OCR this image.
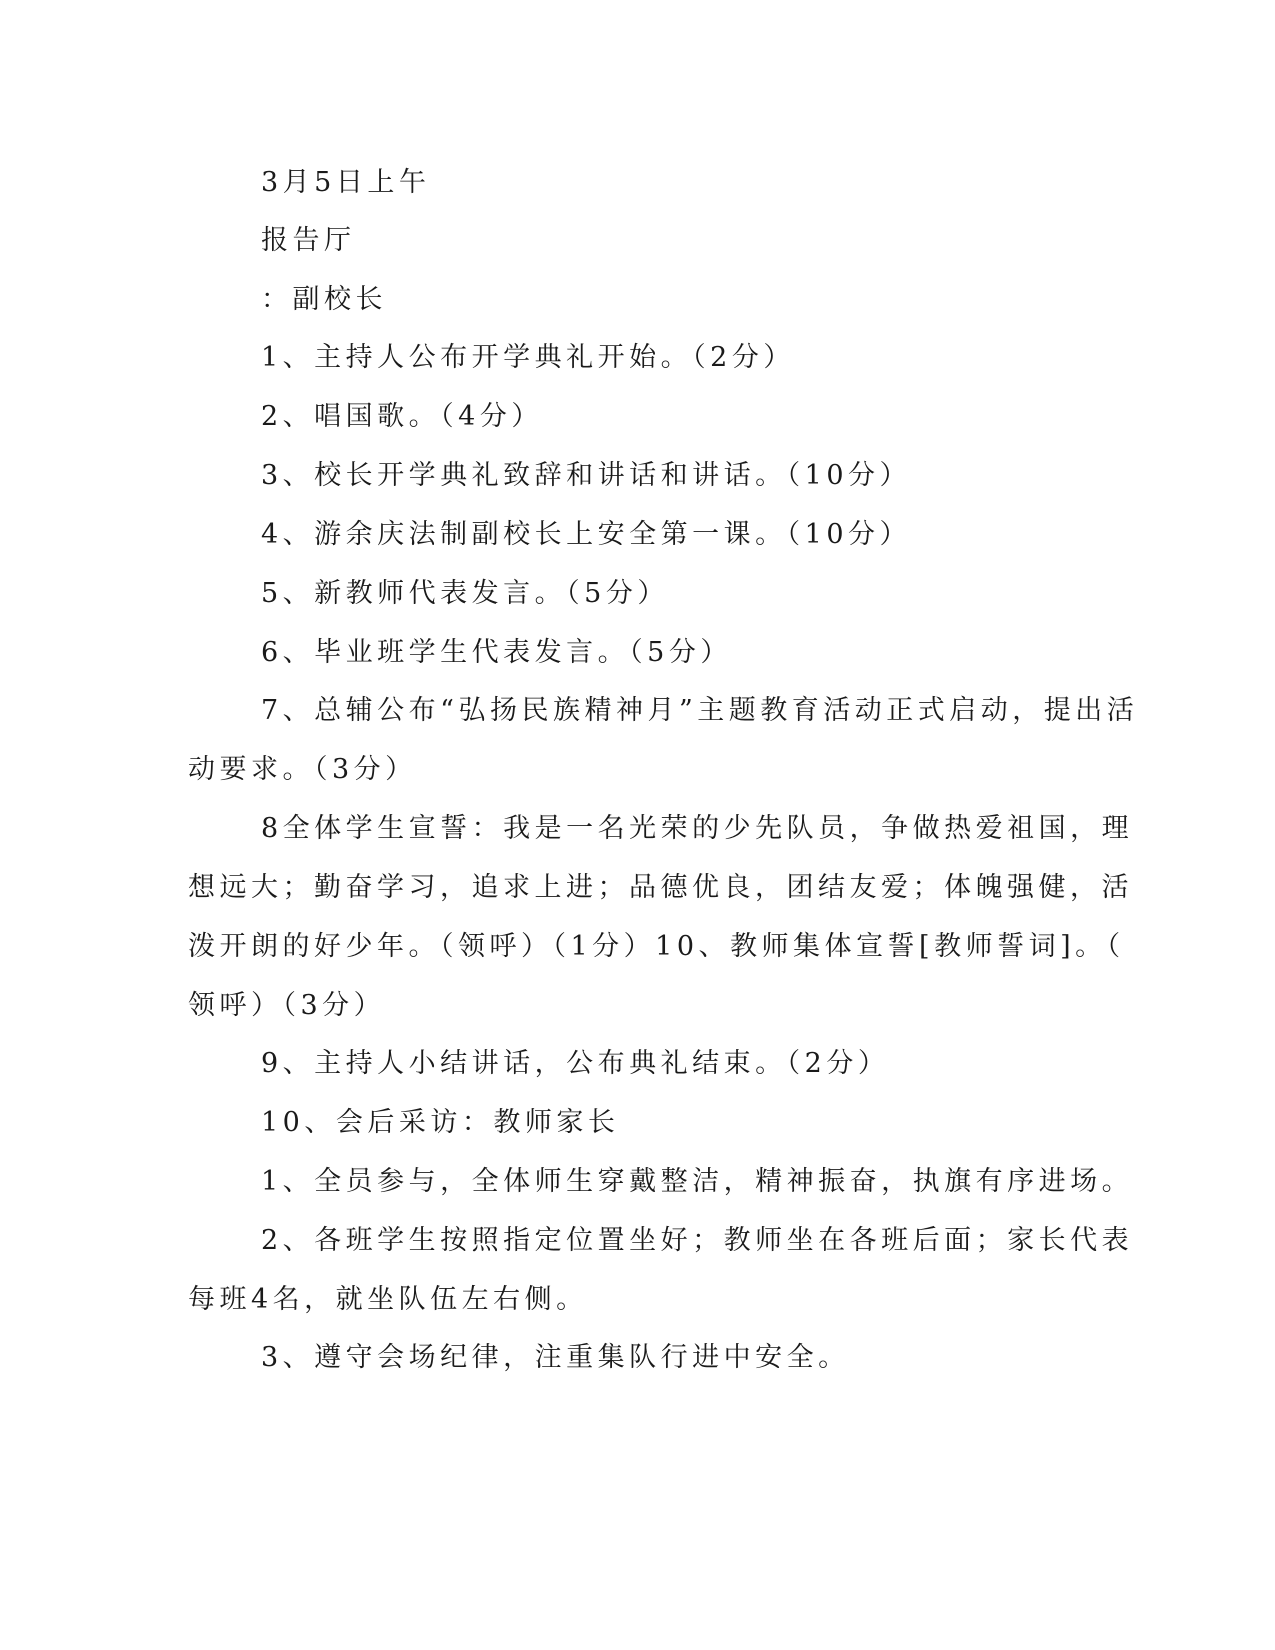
3月5日上午
报告厅
：副校长
1、主持人公布开学典礼开始。（2分）
2、唱国歌。（4分）
3、校长开学典礼致辞和讲话和讲话。（10分）
4、游余庆法制副校长上安全第一课。（10分）
5、新教师代表发言。（5分）
6、毕业班学生代表发言。（5分）
7、总辅公布“弘扬民族精神月”主题教育活动正式启动，提出活
动要求。（3分）
8全体学生宣誓：我是一名光荣的少先队员，争做热爱祖国，理
想远大；勤奋学习，追求上进；品德优良，团结友爱；体魄强健，活
泼开朗的好少年。（领呼）（1分）10、教师集体宣誓[教师誓词]。（
领呼）（3分）
9、主持人小结讲话，公布典礼结束。（2分）
10、会后采访：教师家长
1、全员参与，全体师生穿戴整洁，精神振奋，执旗有序进场。
2、各班学生按照指定位置坐好；教师坐在各班后面；家长代表
每班4名，就坐队伍左右侧。
3、遵守会场纪律，注重集队行进中安全。
